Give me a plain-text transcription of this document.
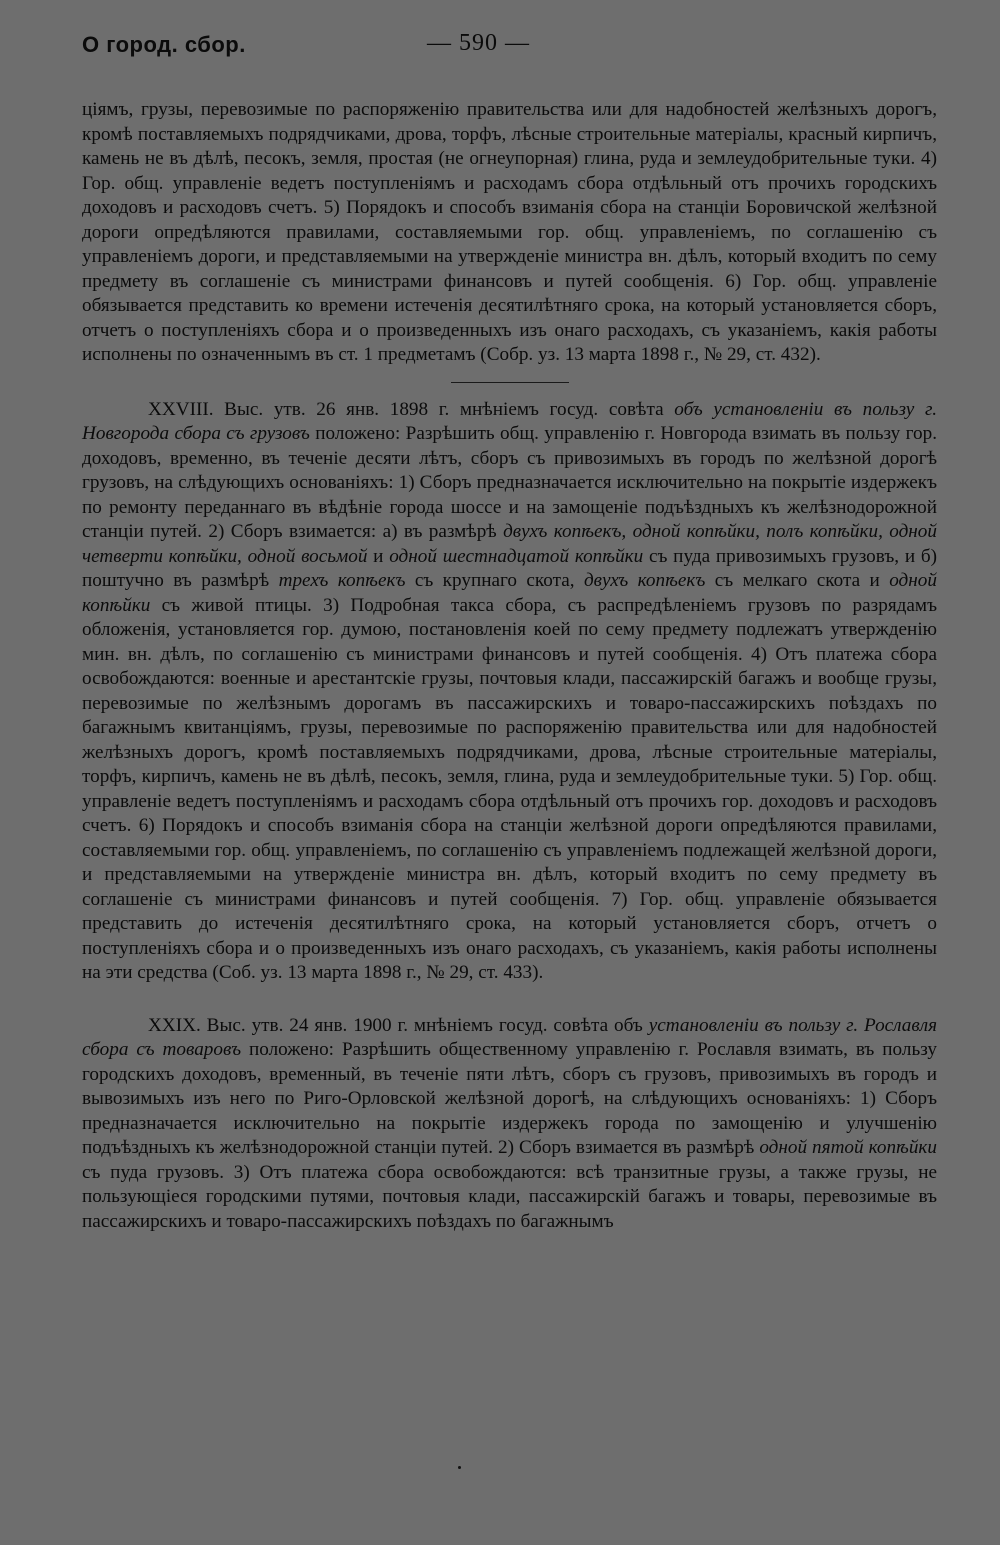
О город. сбор.	— 590 —

цiямъ, грузы, перевозимые по распоряженiю правительства или для надобностей желѣзныхъ дорогъ, кромѣ поставляемыхъ подрядчиками, дрова, торфъ, лѣсные строительные матерiалы, красный кирпичъ, камень не въ дѣлѣ, песокъ, земля, простая (не огнеупорная) глина, руда и землеудобрительные туки. 4) Гор. общ. управленiе ведетъ поступленiямъ и расходамъ сбора отдѣльный отъ прочихъ городскихъ доходовъ и расходовъ счетъ. 5) Порядокъ и способъ взиманiя сбора на станцiи Боровичской желѣзной дороги опредѣляются правилами, составляемыми гор. общ. управленiемъ, по соглашенiю съ управленiемъ дороги, и представляемыми на утвержденiе министра вн. дѣлъ, который входитъ по сему предмету въ соглашенiе съ министрами финансовъ и путей сообщенiя. 6) Гор. общ. управленiе обязывается представить ко времени истеченiя десятилѣтняго срока, на который установляется сборъ, отчетъ о поступленiяхъ сбора и о произведенныхъ изъ онаго расходахъ, съ указанiемъ, какiя работы исполнены по означеннымъ въ ст. 1 предметамъ (Собр. уз. 13 марта 1898 г., № 29, ст. 432).

XXVIII. Выс. утв. 26 янв. 1898 г. мнѣнiемъ госуд. совѣта объ установленiи въ пользу г. Новгорода сбора съ грузовъ положено: Разрѣшить общ. управленiю г. Новгорода взимать въ пользу гор. доходовъ, временно, въ теченiе десяти лѣтъ, сборъ съ привозимыхъ въ городъ по желѣзной дорогѣ грузовъ, на слѣдующихъ основанiяхъ: 1) Сборъ предназначается исключительно на покрытiе издержекъ по ремонту переданнаго въ вѣдѣнiе города шоссе и на замощенiе подъѣздныхъ къ желѣзнодорожной станцiи путей. 2) Сборъ взимается: а) въ размѣрѣ двухъ копѣекъ, одной копѣйки, полъ копѣйки, одной четверти копѣйки, одной восьмой и одной шестнадцатой копѣйки съ пуда привозимыхъ грузовъ, и б) поштучно въ размѣрѣ трехъ копѣекъ съ крупнаго скота, двухъ копѣекъ съ мелкаго скота и одной копѣйки съ живой птицы. 3) Подробная такса сбора, съ распредѣленiемъ грузовъ по разрядамъ обложенiя, установляется гор. думою, постановленiя коей по сему предмету подлежатъ утвержденiю мин. вн. дѣлъ, по соглашенiю съ министрами финансовъ и путей сообщенiя. 4) Отъ платежа сбора освобождаются: военные и арестантскiе грузы, почтовыя клади, пассажирскiй багажъ и вообще грузы, перевозимые по желѣзнымъ дорогамъ въ пассажирскихъ и товаро-пассажирскихъ поѣздахъ по багажнымъ квитанцiямъ, грузы, перевозимые по распоряженiю правительства или для надобностей желѣзныхъ дорогъ, кромѣ поставляемыхъ подрядчиками, дрова, лѣсные строительные матерiалы, торфъ, кирпичъ, камень не въ дѣлѣ, песокъ, земля, глина, руда и землеудобрительные туки. 5) Гор. общ. управленiе ведетъ поступленiямъ и расходамъ сбора отдѣльный отъ прочихъ гор. доходовъ и расходовъ счетъ. 6) Порядокъ и способъ взиманiя сбора на станцiи желѣзной дороги опредѣляются правилами, составляемыми гор. общ. управленiемъ, по соглашенiю съ управленiемъ подлежащей желѣзной дороги, и представляемыми на утвержденiе министра вн. дѣлъ, который входитъ по сему предмету въ соглашенiе съ министрами финансовъ и путей сообщенiя. 7) Гор. общ. управленiе обязывается представить до истеченiя десятилѣтняго срока, на который установляется сборъ, отчетъ о поступленiяхъ сбора и о произведенныхъ изъ онаго расходахъ, съ указанiемъ, какiя работы исполнены на эти средства (Соб. уз. 13 марта 1898 г., № 29, ст. 433).

XXIX. Выс. утв. 24 янв. 1900 г. мнѣнiемъ госуд. совѣта объ установленiи въ пользу г. Рославля сбора съ товаровъ положено: Разрѣшить общественному управленiю г. Рославля взимать, въ пользу городскихъ доходовъ, временный, въ теченiе пяти лѣтъ, сборъ съ грузовъ, привозимыхъ въ городъ и вывозимыхъ изъ него по Риго-Орловской желѣзной дорогѣ, на слѣдующихъ основанiяхъ: 1) Сборъ предназначается исключительно на покрытiе издержекъ города по замощенiю и улучшенiю подъѣздныхъ къ желѣзнодорожной станцiи путей. 2) Сборъ взимается въ размѣрѣ одной пятой копѣйки съ пуда грузовъ. 3) Отъ платежа сбора освобождаются: всѣ транзитные грузы, а также грузы, не пользующiеся городскими путями, почтовыя клади, пассажирскiй багажъ и товары, перевозимые въ пассажирскихъ и товаро-пассажирскихъ поѣздахъ по багажнымъ
